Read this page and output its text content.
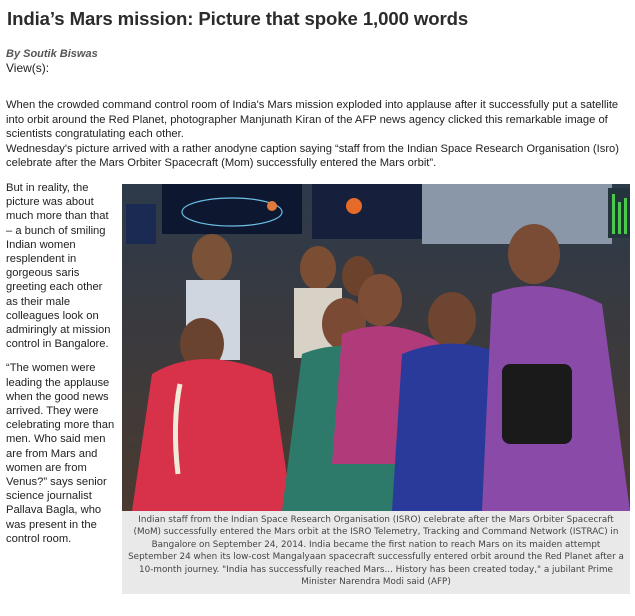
India’s Mars mission: Picture that spoke 1,000 words
By Soutik Biswas
View(s):

When the crowded command control room of India's Mars mission exploded into applause after it successfully put a satellite into orbit around the Red Planet, photographer Manjunath Kiran of the AFP news agency clicked this remarkable image of scientists congratulating each other.

Wednesday's picture arrived with a rather anodyne caption saying “staff from the Indian Space Research Organisation (Isro) celebrate after the Mars Orbiter Spacecraft (Mom) successfully entered the Mars orbit”.

But in reality, the picture was about much more than that – a bunch of smiling Indian women resplendent in gorgeous saris greeting each other as their male colleagues look on admiringly at mission control in Bangalore.

“The women were leading the applause when the good news arrived. They were celebrating more than men. Who said men are from Mars and women are from Venus?” says senior science journalist Pallava Bagla, who was present in the control room.

Indian staff from the Indian Space Research Organisation (ISRO) celebrate after the Mars Orbiter Spacecraft (MoM) successfully entered the Mars orbit at the ISRO Telemetry, Tracking and Command Network (ISTRAC) in Bangalore on September 24, 2014. India became the first nation to reach Mars on its maiden attempt September 24 when its low-cost Mangalyaan spacecraft successfully entered orbit around the Red Planet after a 10-month journey. "India has successfully reached Mars... History has been created today," a jubilant Prime Minister Narendra Modi said (AFP)
